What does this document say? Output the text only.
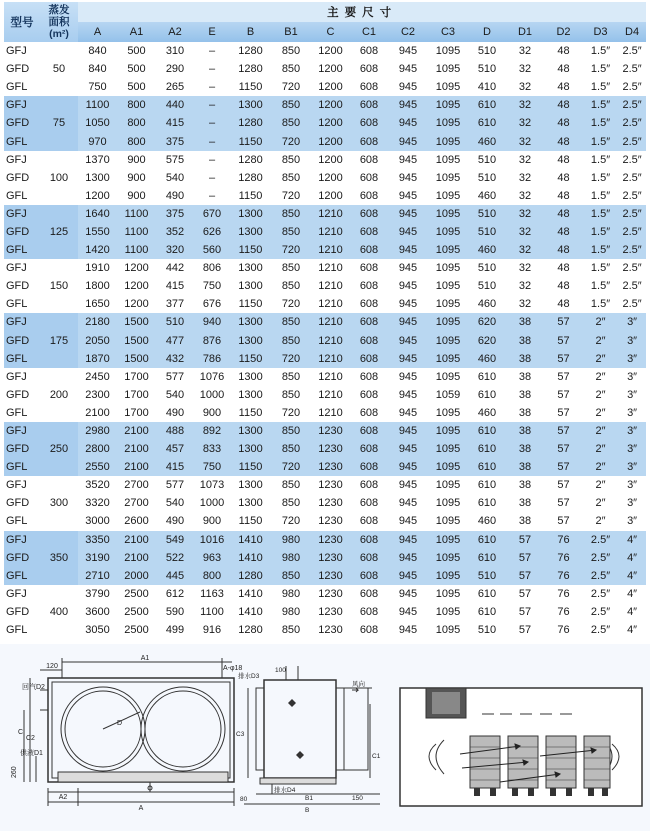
型号	蒸发
面积
(m²)	主要尺寸														
		A	A1	A2	E	B	B1	C	C1	C2	C3	D	D1	D2	D3	D4
GFJ	50	840	500	310	–	1280	850	1200	608	945	1095	510	32	48	1.5″	2.5″
GFD		840	500	290	–	1280	850	1200	608	945	1095	510	32	48	1.5″	2.5″
GFL		750	500	265	–	1150	720	1200	608	945	1095	410	32	48	1.5″	2.5″
GFJ	75	1100	800	440	–	1300	850	1200	608	945	1095	610	32	48	1.5″	2.5″
GFD		1050	800	415	–	1280	850	1200	608	945	1095	610	32	48	1.5″	2.5″
GFL		970	800	375	–	1150	720	1200	608	945	1095	460	32	48	1.5″	2.5″
GFJ	100	1370	900	575	–	1280	850	1200	608	945	1095	510	32	48	1.5″	2.5″
GFD		1300	900	540	–	1280	850	1200	608	945	1095	510	32	48	1.5″	2.5″
GFL		1200	900	490	–	1150	720	1200	608	945	1095	460	32	48	1.5″	2.5″
GFJ	125	1640	1100	375	670	1300	850	1210	608	945	1095	510	32	48	1.5″	2.5″
GFD		1550	1100	352	626	1300	850	1210	608	945	1095	510	32	48	1.5″	2.5″
GFL		1420	1100	320	560	1150	720	1210	608	945	1095	460	32	48	1.5″	2.5″
GFJ	150	1910	1200	442	806	1300	850	1210	608	945	1095	510	32	48	1.5″	2.5″
GFD		1800	1200	415	750	1300	850	1210	608	945	1095	510	32	48	1.5″	2.5″
GFL		1650	1200	377	676	1150	720	1210	608	945	1095	460	32	48	1.5″	2.5″
GFJ	175	2180	1500	510	940	1300	850	1210	608	945	1095	620	38	57	2″	3″
GFD		2050	1500	477	876	1300	850	1210	608	945	1095	620	38	57	2″	3″
GFL		1870	1500	432	786	1150	720	1210	608	945	1095	460	38	57	2″	3″
GFJ	200	2450	1700	577	1076	1300	850	1210	608	945	1095	610	38	57	2″	3″
GFD		2300	1700	540	1000	1300	850	1210	608	945	1059	610	38	57	2″	3″
GFL		2100	1700	490	900	1150	720	1210	608	945	1095	460	38	57	2″	3″
GFJ	250	2980	2100	488	892	1300	850	1230	608	945	1095	610	38	57	2″	3″
GFD		2800	2100	457	833	1300	850	1230	608	945	1095	610	38	57	2″	3″
GFL		2550	2100	415	750	1150	720	1230	608	945	1095	610	38	57	2″	3″
GFJ	300	3520	2700	577	1073	1300	850	1230	608	945	1095	610	38	57	2″	3″
GFD		3320	2700	540	1000	1300	850	1230	608	945	1095	610	38	57	2″	3″
GFL		3000	2600	490	900	1150	720	1230	608	945	1095	460	38	57	2″	3″
GFJ	350	3350	2100	549	1016	1410	980	1230	608	945	1095	610	57	76	2.5″	4″
GFD		3190	2100	522	963	1410	980	1230	608	945	1095	610	57	76	2.5″	4″
GFL		2710	2000	445	800	1280	850	1230	608	945	1095	510	57	76	2.5″	4″
GFJ	400	3790	2500	612	1163	1410	980	1230	608	945	1095	610	57	76	2.5″	4″
GFD		3600	2500	590	1100	1410	980	1230	608	945	1095	610	57	76	2.5″	4″
GFL		3050	2500	499	916	1280	850	1230	608	945	1095	510	57	76	2.5″	4″
120
A1
A-φ18
回汽D2
供液D1
C
C2
D
260
A2
A
100
排水D3
风向
C3
C1
80
排水D4
B1
B
150
